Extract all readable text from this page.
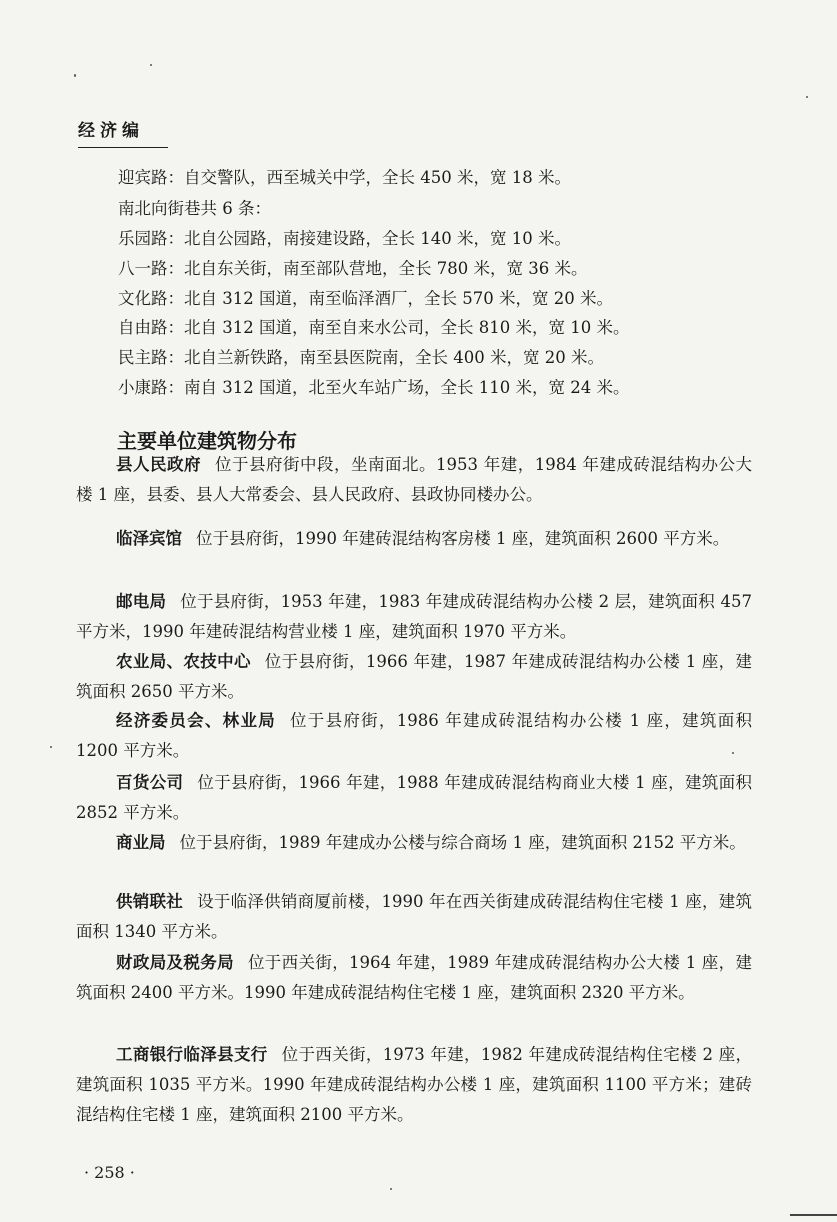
经济编
迎宾路：自交警队，西至城关中学，全长 450 米，宽 18 米。
南北向街巷共 6 条：
乐园路：北自公园路，南接建设路，全长 140 米，宽 10 米。
八一路：北自东关街，南至部队营地，全长 780 米，宽 36 米。
文化路：北自 312 国道，南至临泽酒厂，全长 570 米，宽 20 米。
自由路：北自 312 国道，南至自来水公司，全长 810 米，宽 10 米。
民主路：北自兰新铁路，南至县医院南，全长 400 米，宽 20 米。
小康路：南自 312 国道，北至火车站广场，全长 110 米，宽 24 米。
主要单位建筑物分布

县人民政府 位于县府街中段，坐南面北。1953 年建，1984 年建成砖混结构办公大楼 1 座，县委、县人大常委会、县人民政府、县政协同楼办公。

临泽宾馆 位于县府街，1990 年建砖混结构客房楼 1 座，建筑面积 2600 平方米。

邮电局 位于县府街，1953 年建，1983 年建成砖混结构办公楼 2 层，建筑面积 457 平方米，1990 年建砖混结构营业楼 1 座，建筑面积 1970 平方米。

农业局、农技中心 位于县府街，1966 年建，1987 年建成砖混结构办公楼 1 座，建筑面积 2650 平方米。

经济委员会、林业局 位于县府街，1986 年建成砖混结构办公楼 1 座，建筑面积 1200 平方米。

百货公司 位于县府街，1966 年建，1988 年建成砖混结构商业大楼 1 座，建筑面积 2852 平方米。

商业局 位于县府街，1989 年建成办公楼与综合商场 1 座，建筑面积 2152 平方米。

供销联社 设于临泽供销商厦前楼，1990 年在西关街建成砖混结构住宅楼 1 座，建筑面积 1340 平方米。

财政局及税务局 位于西关街，1964 年建，1989 年建成砖混结构办公大楼 1 座，建筑面积 2400 平方米。1990 年建成砖混结构住宅楼 1 座，建筑面积 2320 平方米。

工商银行临泽县支行 位于西关街，1973 年建，1982 年建成砖混结构住宅楼 2 座，建筑面积 1035 平方米。1990 年建成砖混结构办公楼 1 座，建筑面积 1100 平方米；建砖混结构住宅楼 1 座，建筑面积 2100 平方米。

· 258 ·
